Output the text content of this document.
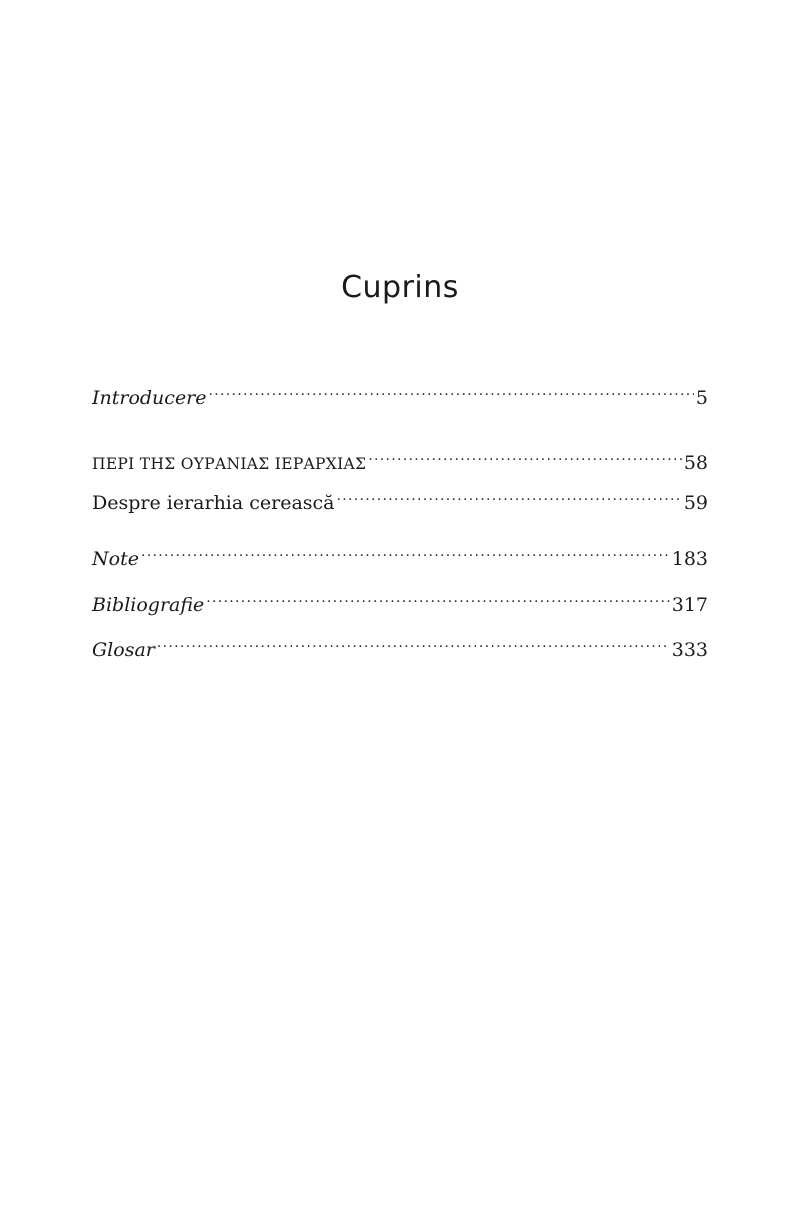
Cuprins
Introducere .....	5
ΠΕΡΙ ΤΗΣ ΟΥΡΑΝΙΑΣ ΙΕΡΑΡΧΙΑΣ .....	58
Despre ierarhia cerească .....	59
Note .....	183
Bibliografie .....	317
Glosar .....	333
